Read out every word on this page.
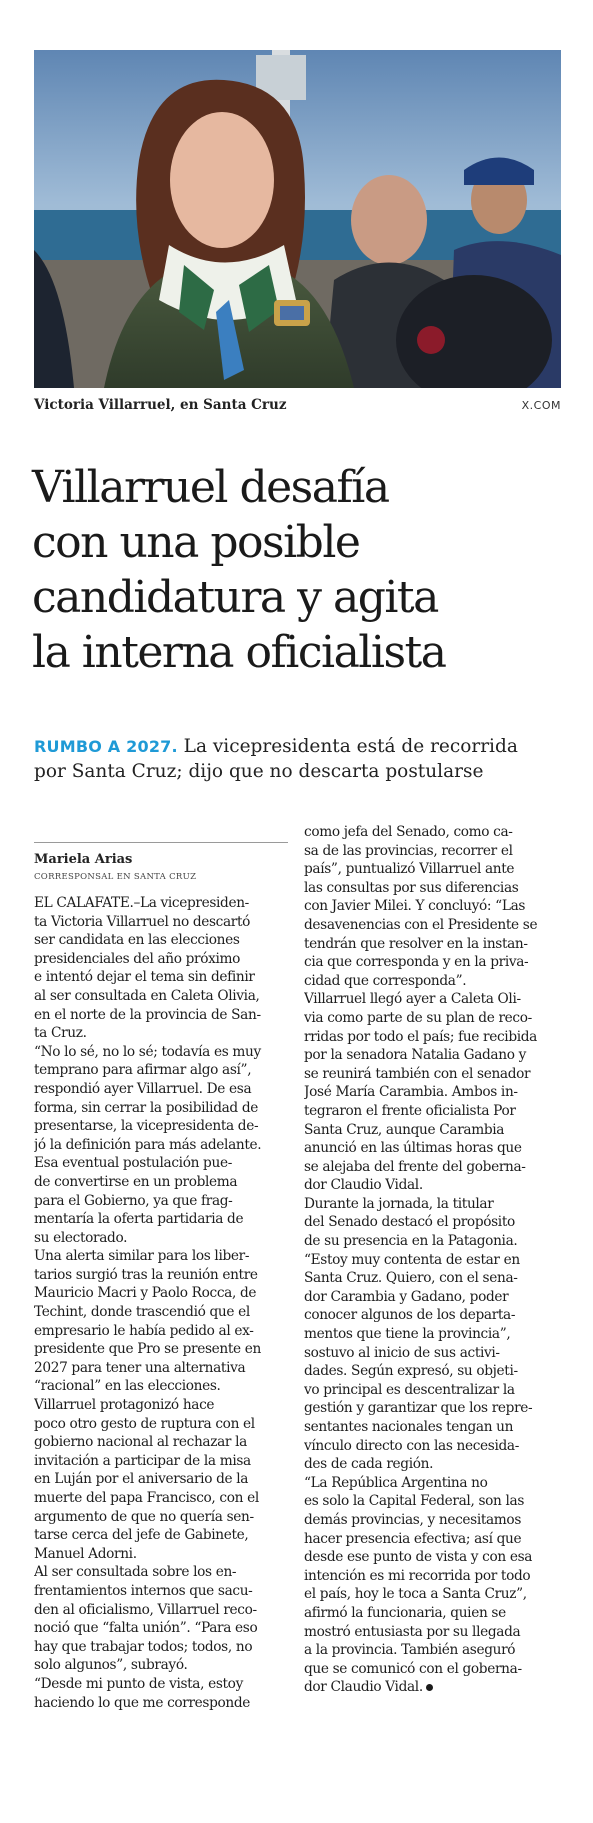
Victoria Villarruel, en Santa Cruz	X.COM
Villarruel desafía
con una posible
candidatura y agita
la interna oficialista
RUMBO A 2027. La vicepresidenta está de recorrida
por Santa Cruz; dijo que no descarta postularse
Mariela Arias
CORRESPONSAL EN SANTA CRUZ
EL CALAFATE.–La vicepresiden-
ta Victoria Villarruel no descartó
ser candidata en las elecciones
presidenciales del año próximo
e intentó dejar el tema sin definir
al ser consultada en Caleta Olivia,
en el norte de la provincia de San-
ta Cruz.
“No lo sé, no lo sé; todavía es muy
temprano para afirmar algo así”,
respondió ayer Villarruel. De esa
forma, sin cerrar la posibilidad de
presentarse, la vicepresidenta de-
jó la definición para más adelante.
Esa eventual postulación pue-
de convertirse en un problema
para el Gobierno, ya que frag-
mentaría la oferta partidaria de
su electorado.
Una alerta similar para los liber-
tarios surgió tras la reunión entre
Mauricio Macri y Paolo Rocca, de
Techint, donde trascendió que el
empresario le había pedido al ex-
presidente que Pro se presente en
2027 para tener una alternativa
“racional” en las elecciones.
Villarruel protagonizó hace
poco otro gesto de ruptura con el
gobierno nacional al rechazar la
invitación a participar de la misa
en Luján por el aniversario de la
muerte del papa Francisco, con el
argumento de que no quería sen-
tarse cerca del jefe de Gabinete,
Manuel Adorni.
Al ser consultada sobre los en-
frentamientos internos que sacu-
den al oficialismo, Villarruel reco-
noció que “falta unión”. “Para eso
hay que trabajar todos; todos, no
solo algunos”, subrayó.
“Desde mi punto de vista, estoy
haciendo lo que me corresponde
como jefa del Senado, como ca-
sa de las provincias, recorrer el
país”, puntualizó Villarruel ante
las consultas por sus diferencias
con Javier Milei. Y concluyó: “Las
desavenencias con el Presidente se
tendrán que resolver en la instan-
cia que corresponda y en la priva-
cidad que corresponda”.
Villarruel llegó ayer a Caleta Oli-
via como parte de su plan de reco-
rridas por todo el país; fue recibida
por la senadora Natalia Gadano y
se reunirá también con el senador
José María Carambia. Ambos in-
tegraron el frente oficialista Por
Santa Cruz, aunque Carambia
anunció en las últimas horas que
se alejaba del frente del goberna-
dor Claudio Vidal.
Durante la jornada, la titular
del Senado destacó el propósito
de su presencia en la Patagonia.
“Estoy muy contenta de estar en
Santa Cruz. Quiero, con el sena-
dor Carambia y Gadano, poder
conocer algunos de los departa-
mentos que tiene la provincia”,
sostuvo al inicio de sus activi-
dades. Según expresó, su objeti-
vo principal es descentralizar la
gestión y garantizar que los repre-
sentantes nacionales tengan un
vínculo directo con las necesida-
des de cada región.
“La República Argentina no
es solo la Capital Federal, son las
demás provincias, y necesitamos
hacer presencia efectiva; así que
desde ese punto de vista y con esa
intención es mi recorrida por todo
el país, hoy le toca a Santa Cruz”,
afirmó la funcionaria, quien se
mostró entusiasta por su llegada
a la provincia. También aseguró
que se comunicó con el goberna-
dor Claudio Vidal.
